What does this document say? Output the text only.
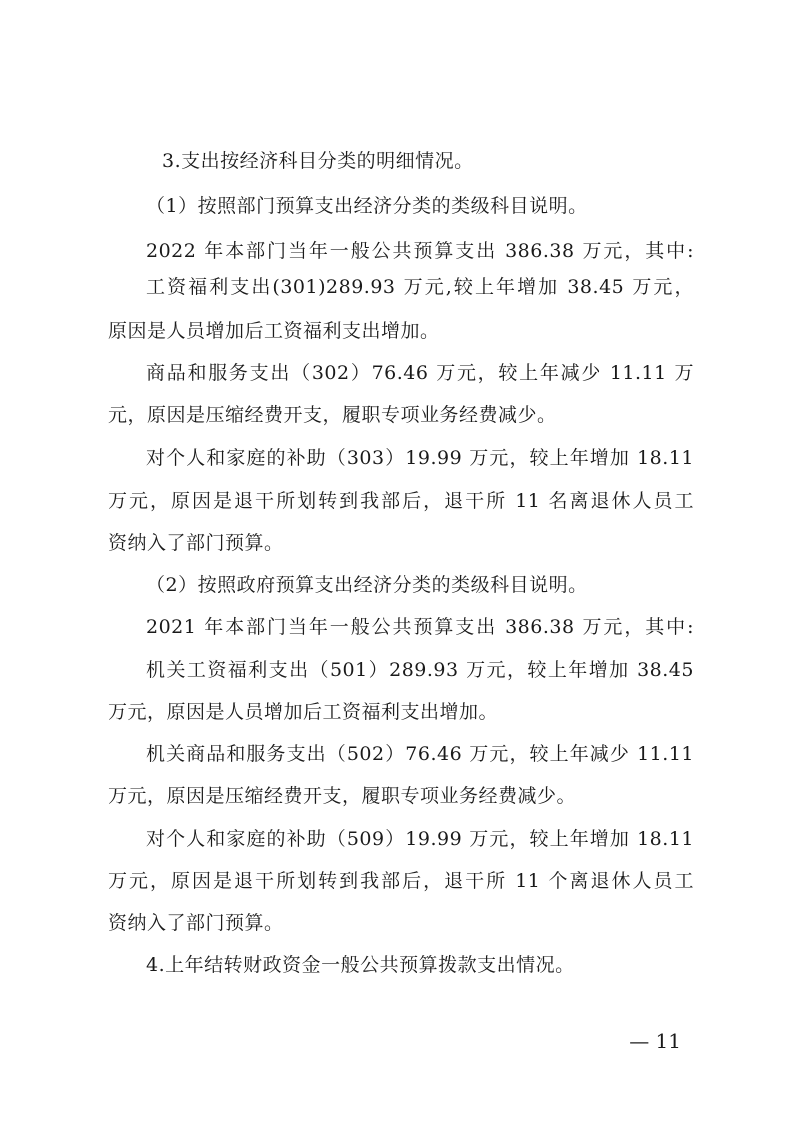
3.支出按经济科目分类的明细情况。
（1）按照部门预算支出经济分类的类级科目说明。
2022 年本部门当年一般公共预算支出 386.38 万元，其中:
工资福利支出(301)289.93 万元,较上年增加 38.45 万元，
原因是人员增加后工资福利支出增加。
商品和服务支出（302）76.46 万元，较上年减少 11.11 万
元，原因是压缩经费开支，履职专项业务经费减少。
对个人和家庭的补助（303）19.99 万元，较上年增加 18.11
万元，原因是退干所划转到我部后，退干所 11 名离退休人员工
资纳入了部门预算。
（2）按照政府预算支出经济分类的类级科目说明。
2021 年本部门当年一般公共预算支出 386.38 万元，其中:
机关工资福利支出（501）289.93 万元，较上年增加 38.45
万元，原因是人员增加后工资福利支出增加。
机关商品和服务支出（502）76.46 万元，较上年减少 11.11
万元，原因是压缩经费开支，履职专项业务经费减少。
对个人和家庭的补助（509）19.99 万元，较上年增加 18.11
万元，原因是退干所划转到我部后，退干所 11 个离退休人员工
资纳入了部门预算。
4.上年结转财政资金一般公共预算拨款支出情况。
— 11
